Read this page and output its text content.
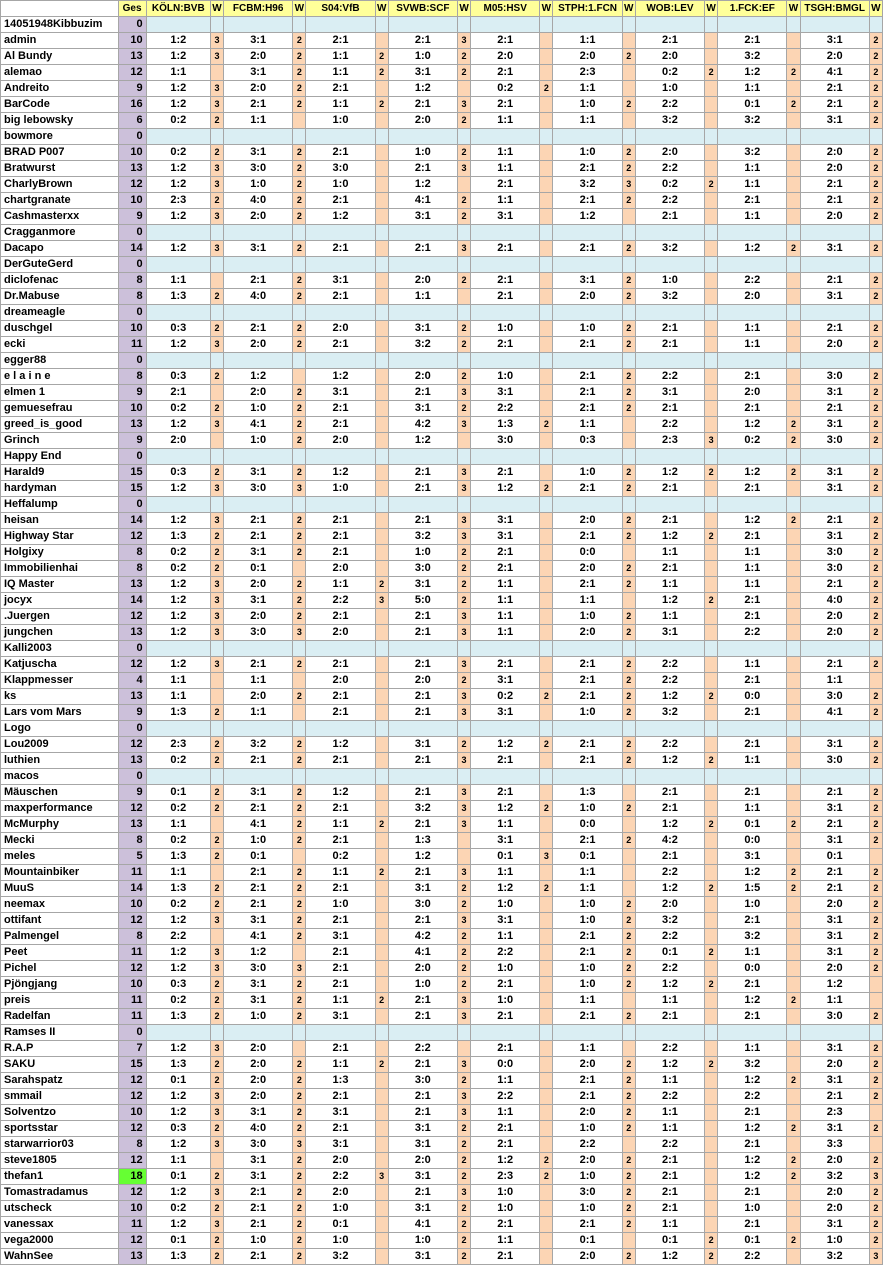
	Ges	KÖLN:BVB	W	FCBM:H96	W	S04:VfB	W	SVWB:SCF	W	M05:HSV	W	STPH:1.FCN	W	WOB:LEV	W	1.FCK:EF	W	TSGH:BMGL	W
14051948Kibbuzim	0																		
admin	10	1:2	3	3:1	2	2:1		2:1	3	2:1		1:1		2:1		2:1		3:1	2
Al Bundy	13	1:2	3	2:0	2	1:1	2	1:0	2	2:0		2:0	2	2:0		3:2		2:0	2
alemao	12	1:1		3:1	2	1:1	2	3:1	2	2:1		2:3		0:2	2	1:2	2	4:1	2
Andreito	9	1:2	3	2:0	2	2:1		1:2		0:2	2	1:1		1:0		1:1		2:1	2
BarCode	16	1:2	3	2:1	2	1:1	2	2:1	3	2:1		1:0	2	2:2		0:1	2	2:1	2
big lebowsky	6	0:2	2	1:1		1:0		2:0	2	1:1		1:1		3:2		3:2		3:1	2
bowmore	0																		
BRAD P007	10	0:2	2	3:1	2	2:1		1:0	2	1:1		1:0	2	2:0		3:2		2:0	2
Bratwurst	13	1:2	3	3:0	2	3:0		2:1	3	1:1		2:1	2	2:2		1:1		2:0	2
CharlyBrown	12	1:2	3	1:0	2	1:0		1:2		2:1		3:2	3	0:2	2	1:1		2:1	2
chartgranate	10	2:3	2	4:0	2	2:1		4:1	2	1:1		2:1	2	2:2		2:1		2:1	2
Cashmasterxx	9	1:2	3	2:0	2	1:2		3:1	2	3:1		1:2		2:1		1:1		2:0	2
Cragganmore	0																		
Dacapo	14	1:2	3	3:1	2	2:1		2:1	3	2:1		2:1	2	3:2		1:2	2	3:1	2
DerGuteGerd	0																		
diclofenac	8	1:1		2:1	2	3:1		2:0	2	2:1		3:1	2	1:0		2:2		2:1	2
Dr.Mabuse	8	1:3	2	4:0	2	2:1		1:1		2:1		2:0	2	3:2		2:0		3:1	2
dreameagle	0																		
duschgel	10	0:3	2	2:1	2	2:0		3:1	2	1:0		1:0	2	2:1		1:1		2:1	2
ecki	11	1:2	3	2:0	2	2:1		3:2	2	2:1		2:1	2	2:1		1:1		2:0	2
egger88	0																		
e l a i n e	8	0:3	2	1:2		1:2		2:0	2	1:0		2:1	2	2:2		2:1		3:0	2
elmen 1	9	2:1		2:0	2	3:1		2:1	3	3:1		2:1	2	3:1		2:0		3:1	2
gemuesefrau	10	0:2	2	1:0	2	2:1		3:1	2	2:2		2:1	2	2:1		2:1		2:1	2
greed_is_good	13	1:2	3	4:1	2	2:1		4:2	3	1:3	2	1:1		2:2		1:2	2	3:1	2
Grinch	9	2:0		1:0	2	2:0		1:2		3:0		0:3		2:3	3	0:2	2	3:0	2
Happy End	0																		
Harald9	15	0:3	2	3:1	2	1:2		2:1	3	2:1		1:0	2	1:2	2	1:2	2	3:1	2
hardyman	15	1:2	3	3:0	3	1:0		2:1	3	1:2	2	2:1	2	2:1		2:1		3:1	2
Heffalump	0																		
heisan	14	1:2	3	2:1	2	2:1		2:1	3	3:1		2:0	2	2:1		1:2	2	2:1	2
Highway Star	12	1:3	2	2:1	2	2:1		3:2	3	3:1		2:1	2	1:2	2	2:1		3:1	2
Holgixy	8	0:2	2	3:1	2	2:1		1:0	2	2:1		0:0		1:1		1:1		3:0	2
Immobilienhai	8	0:2	2	0:1		2:0		3:0	2	2:1		2:0	2	2:1		1:1		3:0	2
IQ Master	13	1:2	3	2:0	2	1:1	2	3:1	2	1:1		2:1	2	1:1		1:1		2:1	2
jocyx	14	1:2	3	3:1	2	2:2	3	5:0	2	1:1		1:1		1:2	2	2:1		4:0	2
.Juergen	12	1:2	3	2:0	2	2:1		2:1	3	1:1		1:0	2	1:1		2:1		2:0	2
jungchen	13	1:2	3	3:0	3	2:0		2:1	3	1:1		2:0	2	3:1		2:2		2:0	2
Kalli2003	0																		
Katjuscha	12	1:2	3	2:1	2	2:1		2:1	3	2:1		2:1	2	2:2		1:1		2:1	2
Klappmesser	4	1:1		1:1		2:0		2:0	2	3:1		2:1	2	2:2		2:1		1:1	
ks	13	1:1		2:0	2	2:1		2:1	3	0:2	2	2:1	2	1:2	2	0:0		3:0	2
Lars vom Mars	9	1:3	2	1:1		2:1		2:1	3	3:1		1:0	2	3:2		2:1		4:1	2
Logo	0																		
Lou2009	12	2:3	2	3:2	2	1:2		3:1	2	1:2	2	2:1	2	2:2		2:1		3:1	2
luthien	13	0:2	2	2:1	2	2:1		2:1	3	2:1		2:1	2	1:2	2	1:1		3:0	2
macos	0																		
Mäuschen	9	0:1	2	3:1	2	1:2		2:1	3	2:1		1:3		2:1		2:1		2:1	2
maxperformance	12	0:2	2	2:1	2	2:1		3:2	3	1:2	2	1:0	2	2:1		1:1		3:1	2
McMurphy	13	1:1		4:1	2	1:1	2	2:1	3	1:1		0:0		1:2	2	0:1	2	2:1	2
Mecki	8	0:2	2	1:0	2	2:1		1:3		3:1		2:1	2	4:2		0:0		3:1	2
meles	5	1:3	2	0:1		0:2		1:2		0:1	3	0:1		2:1		3:1		0:1	
Mountainbiker	11	1:1		2:1	2	1:1	2	2:1	3	1:1		1:1		2:2		1:2	2	2:1	2
MuuS	14	1:3	2	2:1	2	2:1		3:1	2	1:2	2	1:1		1:2	2	1:5	2	2:1	2
neemax	10	0:2	2	2:1	2	1:0		3:0	2	1:0		1:0	2	2:0		1:0		2:0	2
ottifant	12	1:2	3	3:1	2	2:1		2:1	3	3:1		1:0	2	3:2		2:1		3:1	2
Palmengel	8	2:2		4:1	2	3:1		4:2	2	1:1		2:1	2	2:2		3:2		3:1	2
Peet	11	1:2	3	1:2		2:1		4:1	2	2:2		2:1	2	0:1	2	1:1		3:1	2
Pichel	12	1:2	3	3:0	3	2:1		2:0	2	1:0		1:0	2	2:2		0:0		2:0	2
Pjöngjang	10	0:3	2	3:1	2	2:1		1:0	2	2:1		1:0	2	1:2	2	2:1		1:2	
preis	11	0:2	2	3:1	2	1:1	2	2:1	3	1:0		1:1		1:1		1:2	2	1:1	
Radelfan	11	1:3	2	1:0	2	3:1		2:1	3	2:1		2:1	2	2:1		2:1		3:0	2
Ramses II	0																		
R.A.P	7	1:2	3	2:0		2:1		2:2		2:1		1:1		2:2		1:1		3:1	2
SAKU	15	1:3	2	2:0	2	1:1	2	2:1	3	0:0		2:0	2	1:2	2	3:2		2:0	2
Sarahspatz	12	0:1	2	2:0	2	1:3		3:0	2	1:1		2:1	2	1:1		1:2	2	3:1	2
smmail	12	1:2	3	2:0	2	2:1		2:1	3	2:2		2:1	2	2:2		2:2		2:1	2
Solventzo	10	1:2	3	3:1	2	3:1		2:1	3	1:1		2:0	2	1:1		2:1		2:3	
sportsstar	12	0:3	2	4:0	2	2:1		3:1	2	2:1		1:0	2	1:1		1:2	2	3:1	2
starwarrior03	8	1:2	3	3:0	3	3:1		3:1	2	2:1		2:2		2:2		2:1		3:3	
steve1805	12	1:1		3:1	2	2:0		2:0	2	1:2	2	2:0	2	2:1		1:2	2	2:0	2
thefan1	18	0:1	2	3:1	2	2:2	3	3:1	2	2:3	2	1:0	2	2:1		1:2	2	3:2	3
Tomastradamus	12	1:2	3	2:1	2	2:0		2:1	3	1:0		3:0	2	2:1		2:1		2:0	2
utscheck	10	0:2	2	2:1	2	1:0		3:1	2	1:0		1:0	2	2:1		1:0		2:0	2
vanessax	11	1:2	3	2:1	2	0:1		4:1	2	2:1		2:1	2	1:1		2:1		3:1	2
vega2000	12	0:1	2	1:0	2	1:0		1:0	2	1:1		0:1		0:1	2	0:1	2	1:0	2
WahnSee	13	1:3	2	2:1	2	3:2		3:1	2	2:1		2:0	2	1:2	2	2:2		3:2	3
